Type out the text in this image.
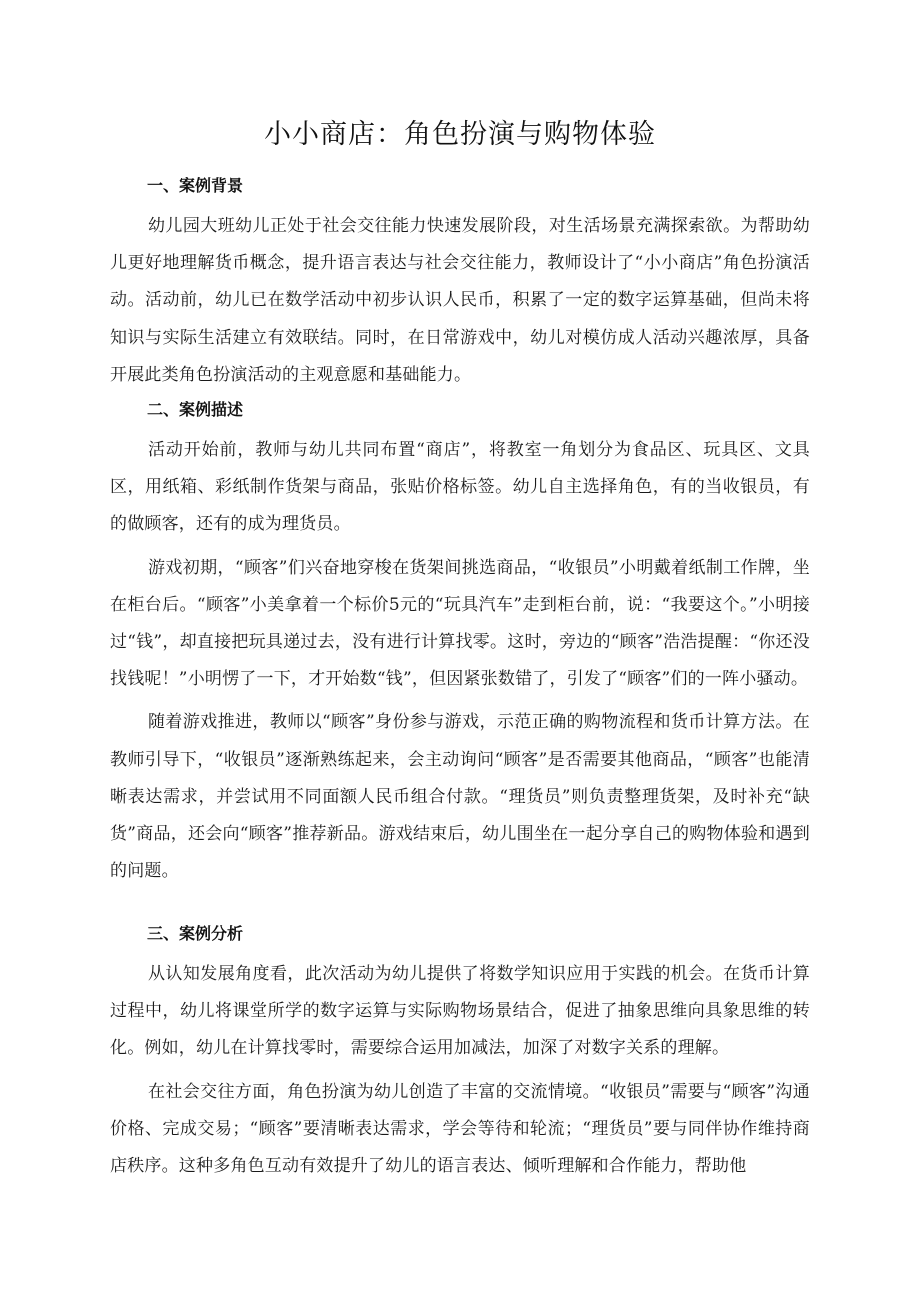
小小商店：角色扮演与购物体验
一、案例背景

幼儿园大班幼儿正处于社会交往能力快速发展阶段，对生活场景充满探索欲。为帮助幼儿更好地理解货币概念，提升语言表达与社会交往能力，教师设计了“小小商店”角色扮演活动。活动前，幼儿已在数学活动中初步认识人民币，积累了一定的数字运算基础，但尚未将知识与实际生活建立有效联结。同时，在日常游戏中，幼儿对模仿成人活动兴趣浓厚，具备开展此类角色扮演活动的主观意愿和基础能力。

二、案例描述

活动开始前，教师与幼儿共同布置“商店”，将教室一角划分为食品区、玩具区、文具区，用纸箱、彩纸制作货架与商品，张贴价格标签。幼儿自主选择角色，有的当收银员，有的做顾客，还有的成为理货员。

游戏初期，“顾客”们兴奋地穿梭在货架间挑选商品，“收银员”小明戴着纸制工作牌，坐在柜台后。“顾客”小美拿着一个标价5元的“玩具汽车”走到柜台前，说：“我要这个。”小明接过“钱”，却直接把玩具递过去，没有进行计算找零。这时，旁边的“顾客”浩浩提醒：“你还没找钱呢！”小明愣了一下，才开始数“钱”，但因紧张数错了，引发了“顾客”们的一阵小骚动。

随着游戏推进，教师以“顾客”身份参与游戏，示范正确的购物流程和货币计算方法。在教师引导下，“收银员”逐渐熟练起来，会主动询问“顾客”是否需要其他商品，“顾客”也能清晰表达需求，并尝试用不同面额人民币组合付款。“理货员”则负责整理货架，及时补充“缺货”商品，还会向“顾客”推荐新品。游戏结束后，幼儿围坐在一起分享自己的购物体验和遇到的问题。

三、案例分析

从认知发展角度看，此次活动为幼儿提供了将数学知识应用于实践的机会。在货币计算过程中，幼儿将课堂所学的数字运算与实际购物场景结合，促进了抽象思维向具象思维的转化。例如，幼儿在计算找零时，需要综合运用加减法，加深了对数字关系的理解。

在社会交往方面，角色扮演为幼儿创造了丰富的交流情境。“收银员”需要与“顾客”沟通价格、完成交易；“顾客”要清晰表达需求，学会等待和轮流；“理货员”要与同伴协作维持商店秩序。这种多角色互动有效提升了幼儿的语言表达、倾听理解和合作能力，帮助他
